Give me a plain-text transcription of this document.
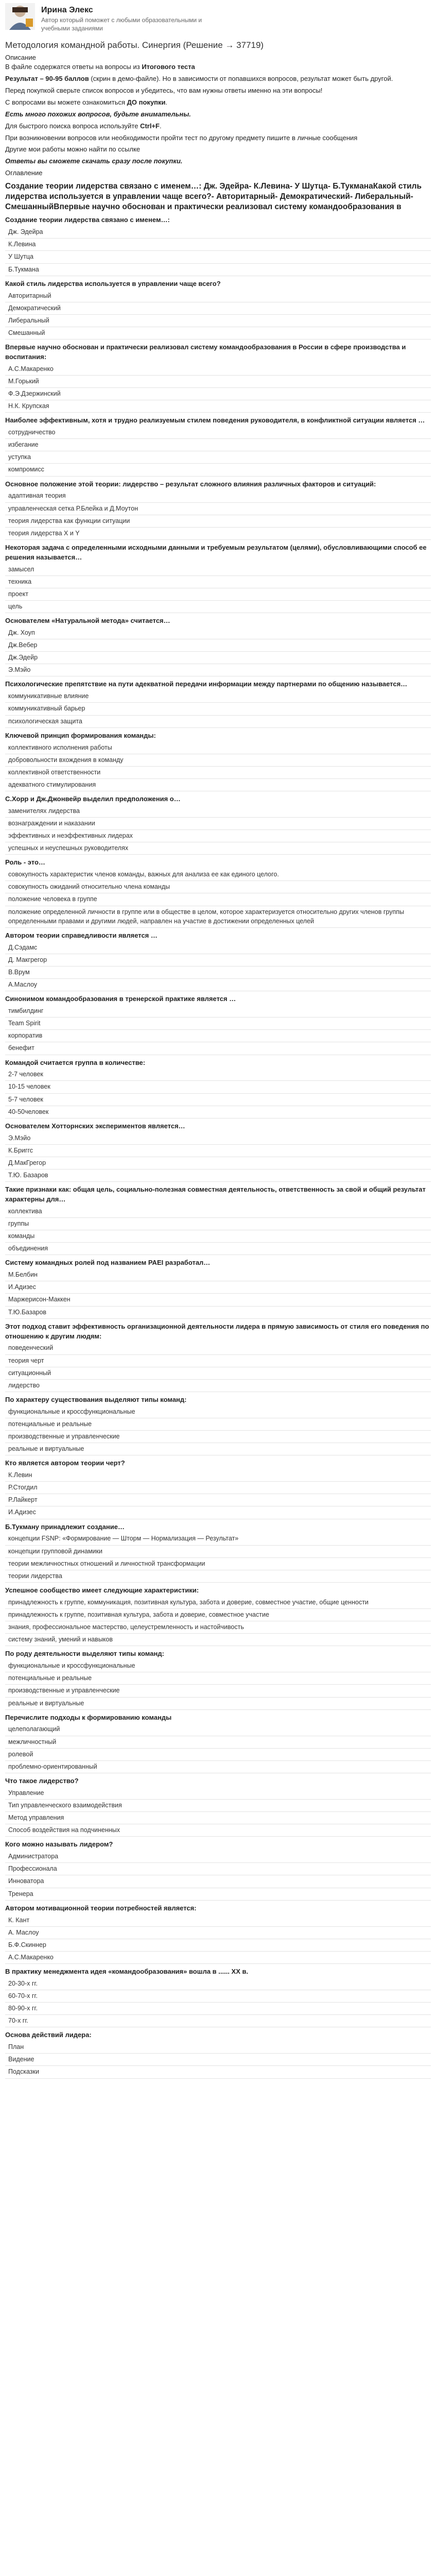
Ирина Элекс
Автор который поможет с любыми образовательными и учебными заданиями
Методология командной работы. Синергия (Решение → 37719)
Описание

В файле содержатся ответы на вопросы из Итогового теста

Результат – 90-95 баллов (скрин в демо-файле). Но в зависимости от попавшихся вопросов, результат может быть другой.

Перед покупкой сверьте список вопросов и убедитесь, что вам нужны ответы именно на эти вопросы!

С вопросами вы можете ознакомиться ДО покупки.

Есть много похожих вопросов, будьте внимательны.

Для быстрого поиска вопроса используйте Ctrl+F.

При возникновении вопросов или необходимости пройти тест по другому предмету пишите в личные сообщения

Другие мои работы можно найти по ссылке

Ответы вы сможете скачать сразу после покупки.

Оглавление

Создание теории лидерства связано с именем…: Дж. Эдейра- К.Левина- У Шутца- Б.ТукманаКакой стиль лидерства используется в управлении чаще всего?- Авторитарный- Демократический- Либеральный- СмешанныйВпервые научно обоснован и практически реализовал систему командообразования в
Создание теории лидерства связано с именем…:
Дж. Эдейра
К.Левина
У Шутца
Б.Тукмана
Какой стиль лидерства используется в управлении чаще всего?
Авторитарный
Демократический
Либеральный
Смешанный
Впервые научно обоснован и практически реализовал систему командообразования в России в сфере производства и воспитания:
А.С.Макаренко
М.Горький
Ф.Э.Дзержинский
Н.К. Крупская
Наиболее эффективным, хотя и трудно реализуемым стилем поведения руководителя, в конфликтной ситуации является …
сотрудничество
избегание
уступка
компромисс
Основное положение этой теории: лидерство – результат сложного влияния различных факторов и ситуаций:
адаптивная теория
управленческая сетка Р.Блейка и Д.Моутон
теория лидерства как функции ситуации
теория лидерства X и Y
Некоторая задача с определенными исходными данными и требуемым результатом (целями), обусловливающими способ ее решения называется…
замысел
техника
проект
цель
Основателем «Натуральной метода» считается…
Дж. Хоуп
Дж.Вебер
Дж.Эдейр
Э.Мэйо
Психологические препятствие на пути адекватной передачи информации между партнерами по общению называется…
коммуникативные влияние
коммуникативный барьер
психологическая защита
Ключевой принцип формирования команды:
коллективного исполнения работы
добровольности вхождения в команду
коллективной ответственности
адекватного стимулирования
С.Хорр и Дж.Джонвейр выделил предположения о…
заменителях лидерства
вознаграждении и наказании
эффективных и неэффективных лидерах
успешных и неуспешных руководителях
Роль - это…
совокупность характеристик членов команды, важных для анализа ее как единого целого.
совокупность ожиданий относительно члена команды
положение человека в группе
положение определенной личности в группе или в обществе в целом, которое характеризуется относительно других членов группы определенными правами и другими людей, направлен на участие в достижении определенных целей
Автором теории справедливости является …
Д.Сэдамс
Д. Макгрегор
В.Врум
А.Маслоу
Синонимом командообразования в тренерской практике является …
тимбилдинг
Team Spirit
корпоратив
бенефит
Командой считается группа в количестве:
2-7 человек
10-15 человек
5-7 человек
40-50человек
Основателем Хотторнских экспериментов является…
Э.Мэйо
К.Бриггс
Д.МакГрегор
Т.Ю. Базаров
Такие признаки как: общая цель, социально-полезная совместная деятельность, ответственность за свой и общий результат характерны для…
коллектива
группы
команды
объединения
Систему командных ролей под названием PAEI разработал…
М.Белбин
И.Адизес
Маржерисон-Маккен
Т.Ю.Базаров
Этот подход ставит эффективность организационной деятельности лидера в прямую зависимость от стиля его поведения по отношению к другим людям:
поведенческий
теория черт
ситуационный
лидерство
По характеру существования выделяют типы команд:
функциональные и кроссфункциональные
потенциальные и реальные
производственные и управленческие
реальные и виртуальные
Кто является автором теории черт?
К.Левин
Р.Стогдил
Р.Лайкерт
И.Адизес
Б.Тукману принадлежит создание…
концепции FSNP: «Формирование — Шторм — Нормализация — Результат»
концепции групповой динамики
теории межличностных отношений и личностной трансформации
теории лидерства
Успешное сообщество имеет следующие характеристики:
принадлежность к группе, коммуникация, позитивная культура, забота и доверие, совместное участие, общие ценности
принадлежность к группе, позитивная культура, забота и доверие, совместное участие
знания, профессиональное мастерство, целеустремленность и настойчивость
систему знаний, умений и навыков
По роду деятельности выделяют типы команд:
функциональные и кроссфункциональные
потенциальные и реальные
производственные и управленческие
реальные и виртуальные
Перечислите подходы к формированию команды
целеполагающий
межличностный
ролевой
проблемно-ориентированный
Что такое лидерство?
Управление
Тип управленческого взаимодействия
Метод управления
Способ воздействия на подчиненных
Кого можно называть лидером?
Администратора
Профессионала
Инноватора
Тренера
Автором мотивационной теории потребностей является:
К. Кант
А. Маслоу
Б.Ф.Скиннер
А.С.Макаренко
В практику менеджмента идея «командообразования» вошла в ...... ХХ в.
20-30-х гг.
60-70-х гг.
80-90-х гг.
70-х гг.
Основа действий лидера:
План
Видение
Подсказки
